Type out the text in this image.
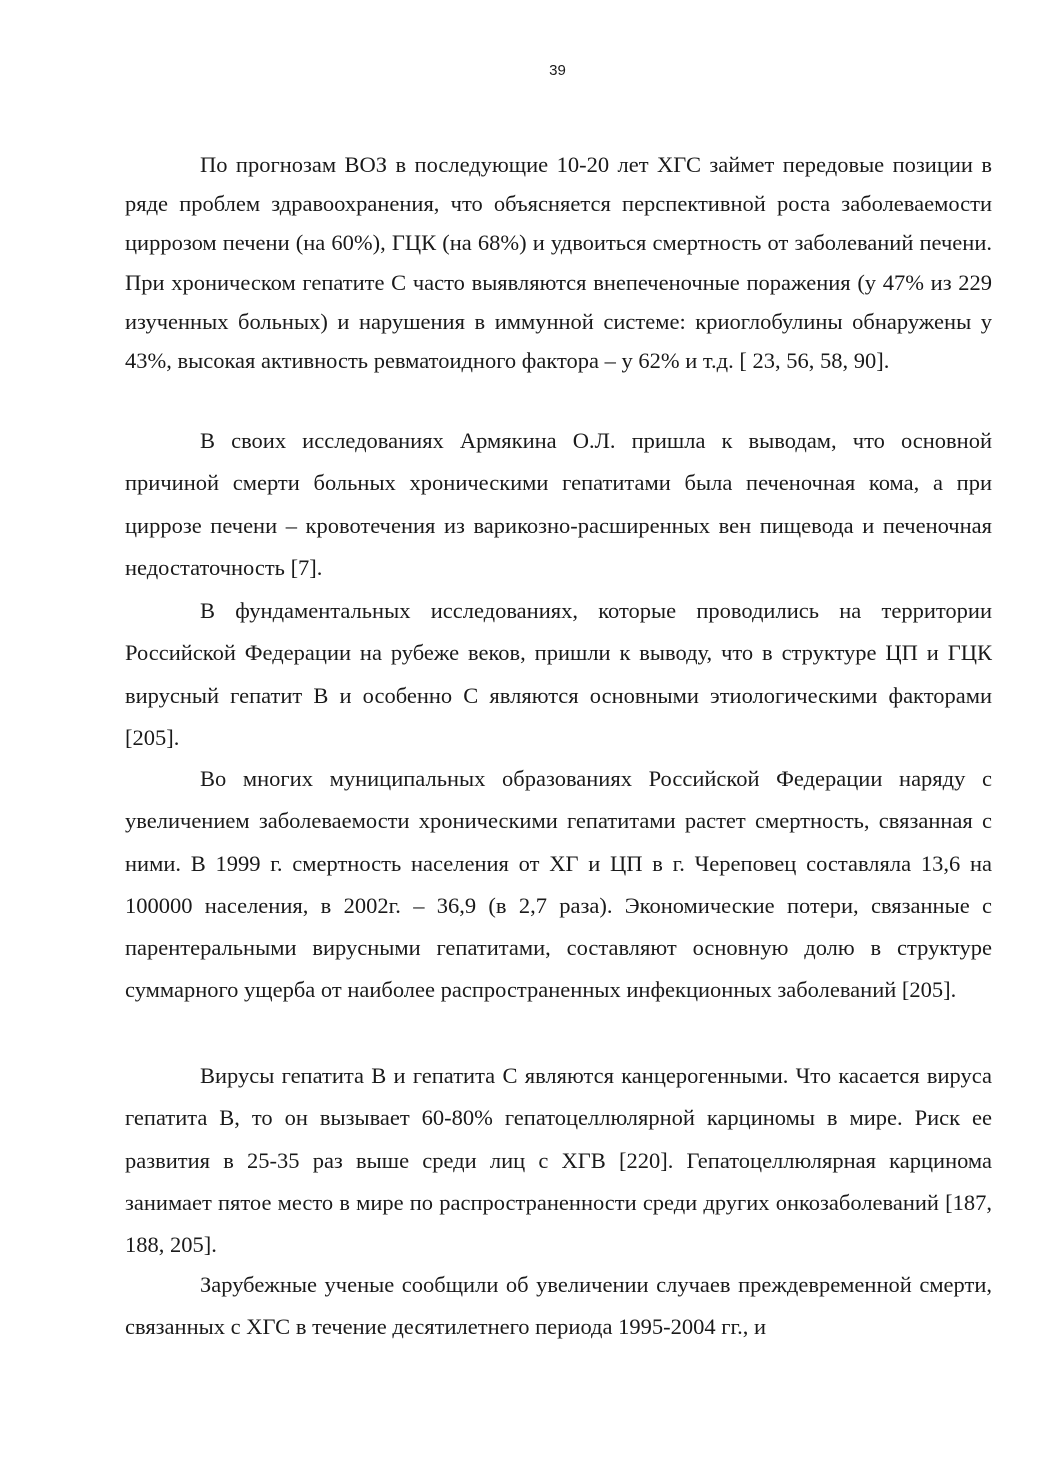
39

По прогнозам ВОЗ в последующие 10-20 лет ХГС займет передовые позиции в ряде проблем здравоохранения, что объясняется перспективной роста заболеваемости циррозом печени (на 60%), ГЦК (на 68%) и удвоиться смертность от заболеваний печени. При хроническом гепатите С часто выявляются внепеченочные поражения (у 47% из 229 изученных больных) и нарушения в иммунной системе: криоглобулины обнаружены у 43%, высокая активность ревматоидного фактора – у 62% и т.д. [ 23, 56, 58, 90].

В своих исследованиях Армякина О.Л. пришла к выводам, что основной причиной смерти больных хроническими гепатитами была печеночная кома, а при циррозе печени – кровотечения из варикозно-расширенных вен пищевода и печеночная недостаточность [7].

В фундаментальных исследованиях, которые проводились на территории Российской Федерации на рубеже веков, пришли к выводу, что в структуре ЦП и ГЦК вирусный гепатит В и особенно С являются основными этиологическими факторами [205].

Во многих муниципальных образованиях Российской Федерации наряду с увеличением заболеваемости хроническими гепатитами растет смертность, связанная с ними. В 1999 г. смертность населения от ХГ и ЦП в г. Череповец составляла 13,6 на 100000 населения, в 2002г. – 36,9 (в 2,7 раза). Экономические потери, связанные с парентеральными вирусными гепатитами, составляют основную долю в структуре суммарного ущерба от наиболее распространенных инфекционных заболеваний [205].

Вирусы гепатита В и гепатита С являются канцерогенными. Что касается вируса гепатита В, то он вызывает 60-80% гепатоцеллюлярной карциномы в мире. Риск ее развития в 25-35 раз выше среди лиц с ХГВ [220]. Гепатоцеллюлярная карцинома занимает пятое место в мире по распространенности среди других онкозаболеваний [187, 188, 205].

Зарубежные ученые сообщили об увеличении случаев преждевременной смерти, связанных с ХГС в течение десятилетнего периода 1995-2004 гг., и
